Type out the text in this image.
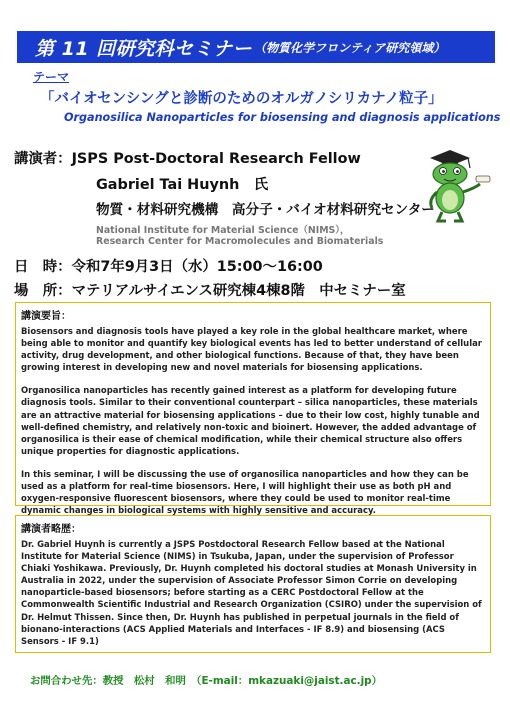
第 11 回研究科セミナー （物質化学フロンティア研究領域）
テーマ
「バイオセンシングと診断のためのオルガノシリカナノ粒子」
Organosilica Nanoparticles for biosensing and diagnosis applications
講演者：JSPS Post-Doctoral Research Fellow
Gabriel Tai Huynh　氏
物質・材料研究機構　高分子・バイオ材料研究センター
National Institute for Material Science（NIMS），
Research Center for Macromolecules and Biomaterials
日　時：令和7年9月3日（水）15:00～16:00
場　所：マテリアルサイエンス研究棟4棟8階　中セミナー室
講演要旨：

Biosensors and diagnosis tools have played a key role in the global healthcare market, where being able to monitor and quantify key biological events has led to better understand of cellular activity, drug development, and other biological functions. Because of that, they have been growing interest in developing new and novel materials for biosensing applications.

Organosilica nanoparticles has recently gained interest as a platform for developing future diagnosis tools. Similar to their conventional counterpart – silica nanoparticles, these materials are an attractive material for biosensing applications – due to their low cost, highly tunable and well-defined chemistry, and relatively non-toxic and bioinert. However, the added advantage of organosilica is their ease of chemical modification, while their chemical structure also offers unique properties for diagnostic applications.

In this seminar, I will be discussing the use of organosilica nanoparticles and how they can be used as a platform for real-time biosensors. Here, I will highlight their use as both pH and oxygen-responsive fluorescent biosensors, where they could be used to monitor real-time dynamic changes in biological systems with highly sensitive and accuracy.

講演者略歴：

Dr. Gabriel Huynh is currently a JSPS Postdoctoral Research Fellow based at the National Institute for Material Science (NIMS) in Tsukuba, Japan, under the supervision of Professor Chiaki Yoshikawa. Previously, Dr. Huynh completed his doctoral studies at Monash University in Australia in 2022, under the supervision of Associate Professor Simon Corrie on developing nanoparticle-based biosensors; before starting as a CERC Postdoctoral Fellow at the Commonwealth Scientific Industrial and Research Organization (CSIRO) under the supervision of Dr. Helmut Thissen. Since then, Dr. Huynh has published in perpetual journals in the field of bionano-interactions (ACS Applied Materials and Interfaces - IF 8.9) and biosensing (ACS Sensors - IF 9.1)

お問合わせ先：教授　松村　和明　（E-mail：mkazuaki@jaist.ac.jp）
